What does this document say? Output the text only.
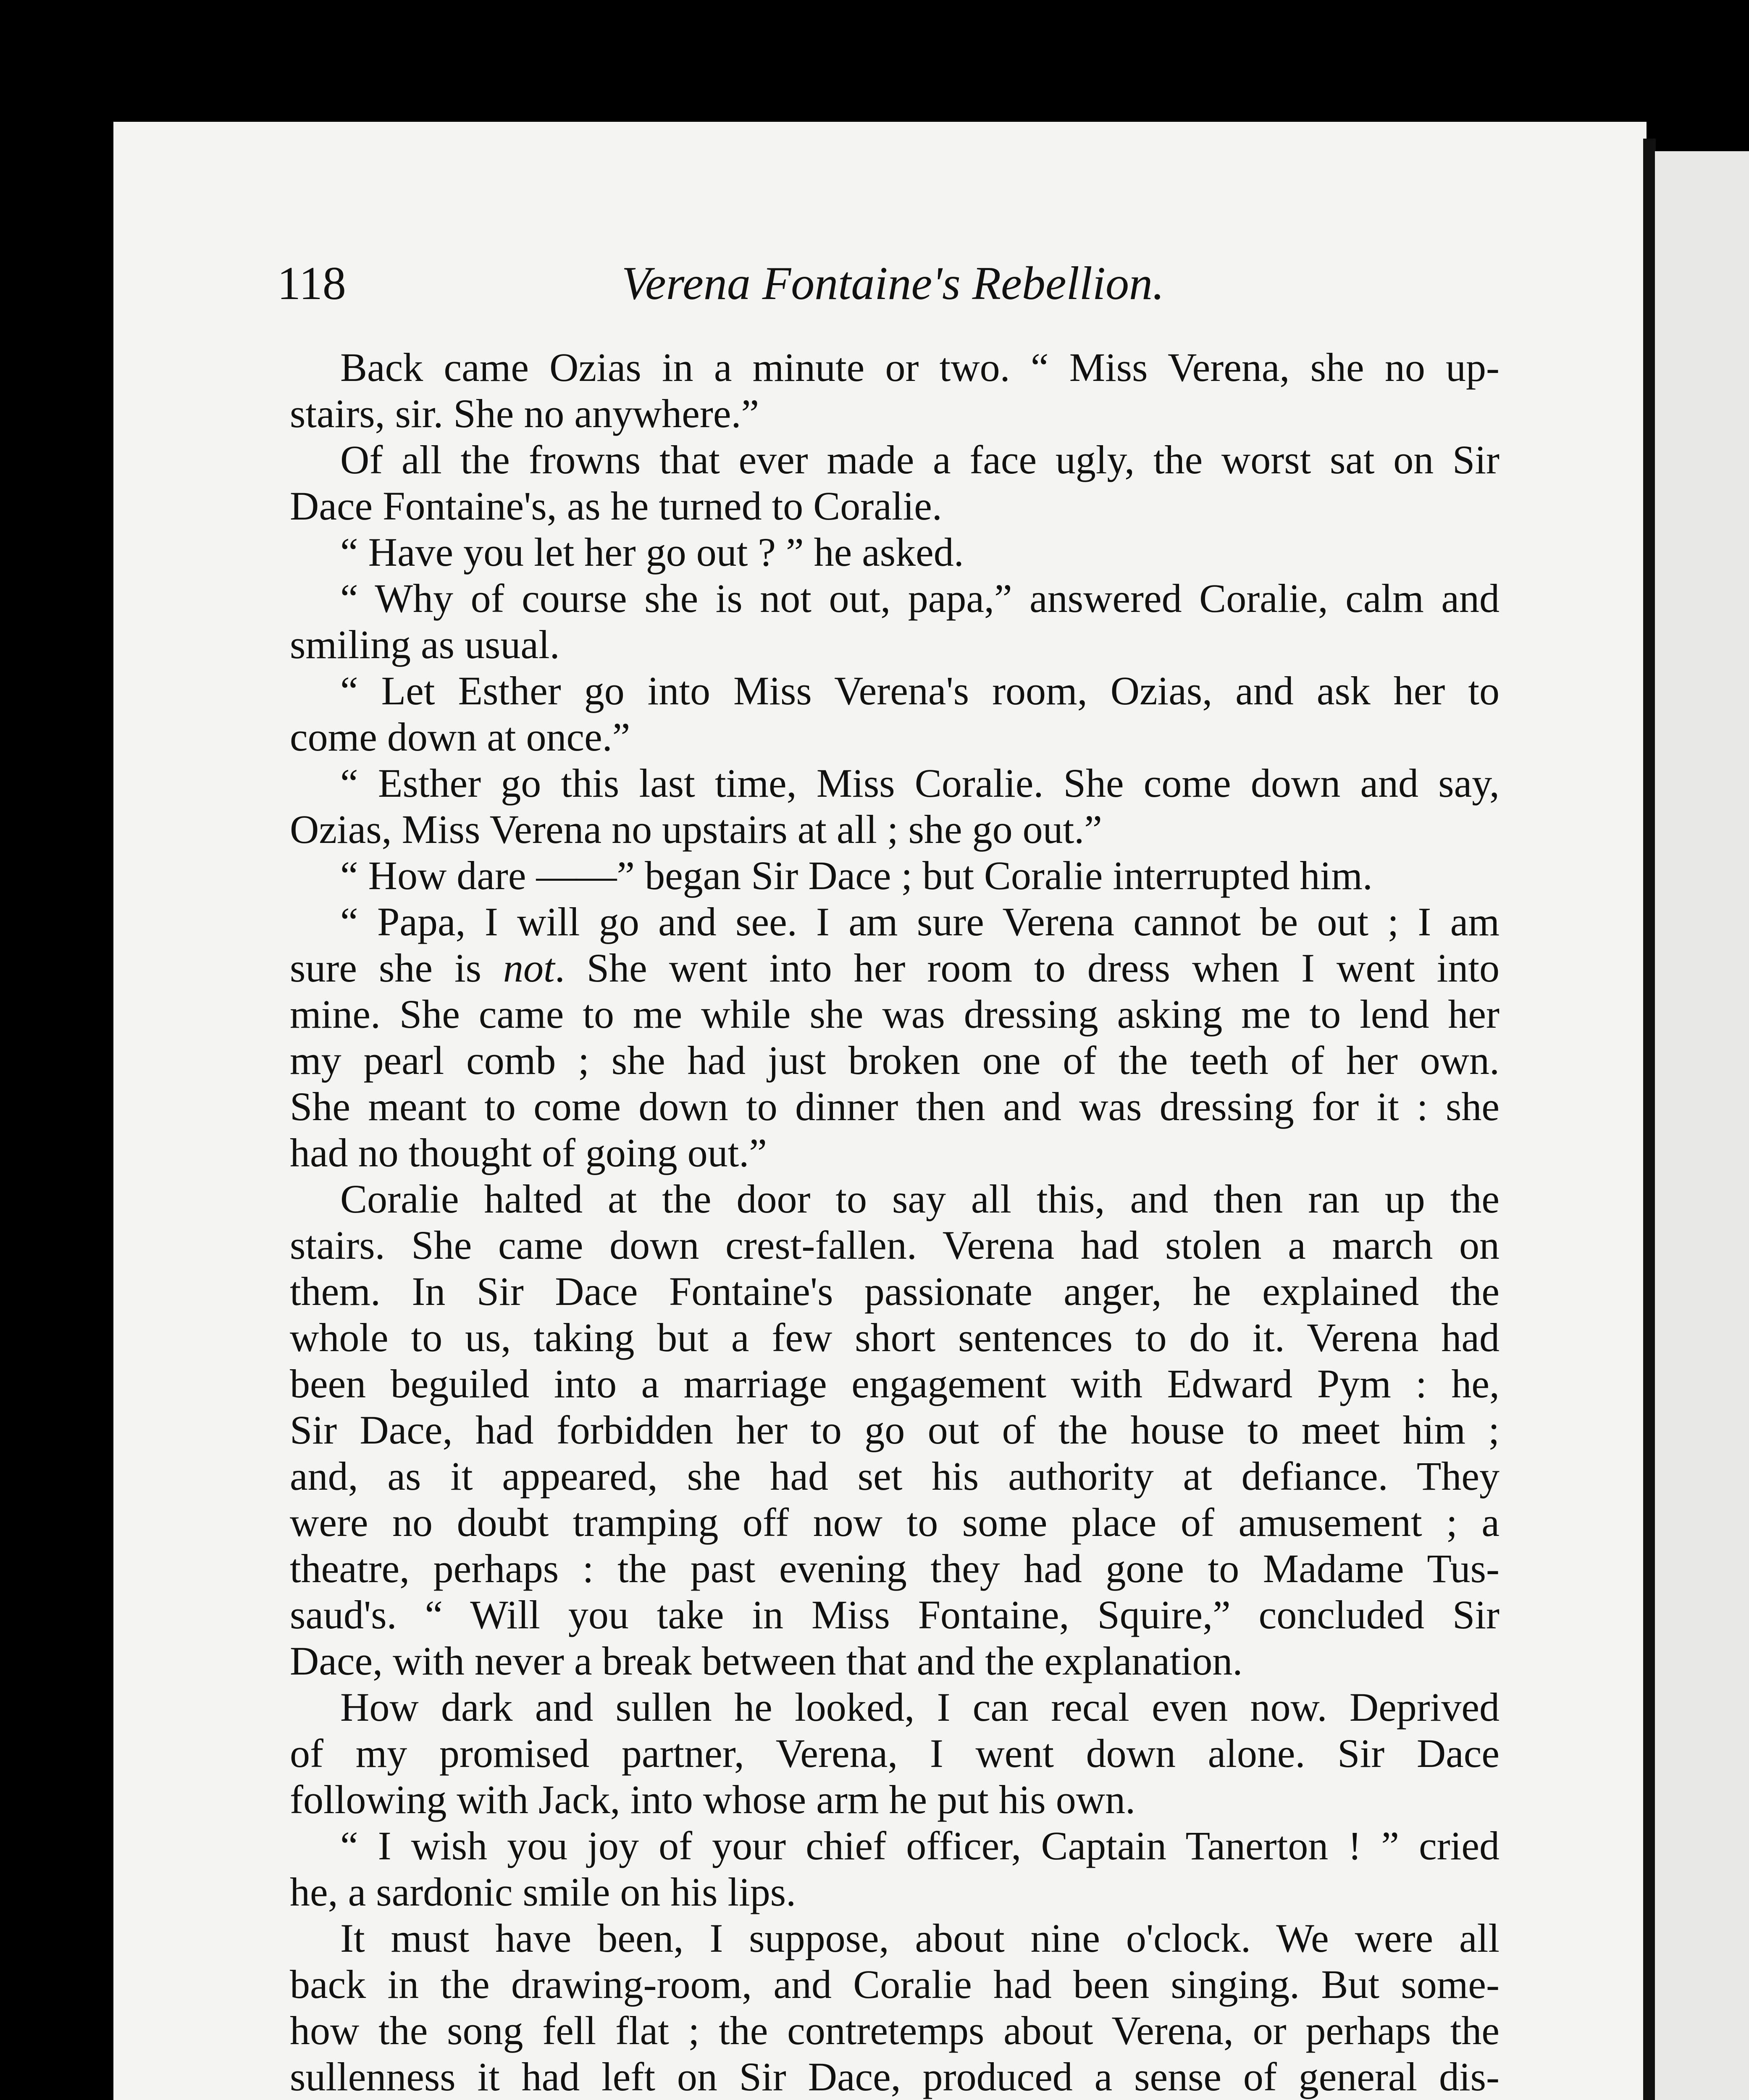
118	Verena Fontaine's Rebellion.
Back came Ozias in a minute or two. “ Miss Verena, she no up-
stairs, sir. She no anywhere.”
Of all the frowns that ever made a face ugly, the worst sat on Sir
Dace Fontaine's, as he turned to Coralie.
“ Have you let her go out ? ” he asked.
“ Why of course she is not out, papa,” answered Coralie, calm and
smiling as usual.
“ Let Esther go into Miss Verena's room, Ozias, and ask her to
come down at once.”
“ Esther go this last time, Miss Coralie. She come down and say,
Ozias, Miss Verena no upstairs at all ; she go out.”
“ How dare ——” began Sir Dace ; but Coralie interrupted him.
“ Papa, I will go and see. I am sure Verena cannot be out ; I am
sure she is not. She went into her room to dress when I went into
mine. She came to me while she was dressing asking me to lend her
my pearl comb ; she had just broken one of the teeth of her own.
She meant to come down to dinner then and was dressing for it : she
had no thought of going out.”
Coralie halted at the door to say all this, and then ran up the
stairs. She came down crest-fallen. Verena had stolen a march on
them. In Sir Dace Fontaine's passionate anger, he explained the
whole to us, taking but a few short sentences to do it. Verena had
been beguiled into a marriage engagement with Edward Pym : he,
Sir Dace, had forbidden her to go out of the house to meet him ;
and, as it appeared, she had set his authority at defiance. They
were no doubt tramping off now to some place of amusement ; a
theatre, perhaps : the past evening they had gone to Madame Tus-
saud's. “ Will you take in Miss Fontaine, Squire,” concluded Sir
Dace, with never a break between that and the explanation.
How dark and sullen he looked, I can recal even now. Deprived
of my promised partner, Verena, I went down alone. Sir Dace
following with Jack, into whose arm he put his own.
“ I wish you joy of your chief officer, Captain Tanerton ! ” cried
he, a sardonic smile on his lips.
It must have been, I suppose, about nine o'clock. We were all
back in the drawing-room, and Coralie had been singing. But some-
how the song fell flat ; the contretemps about Verena, or perhaps the
sullenness it had left on Sir Dace, produced a sense of general dis-
